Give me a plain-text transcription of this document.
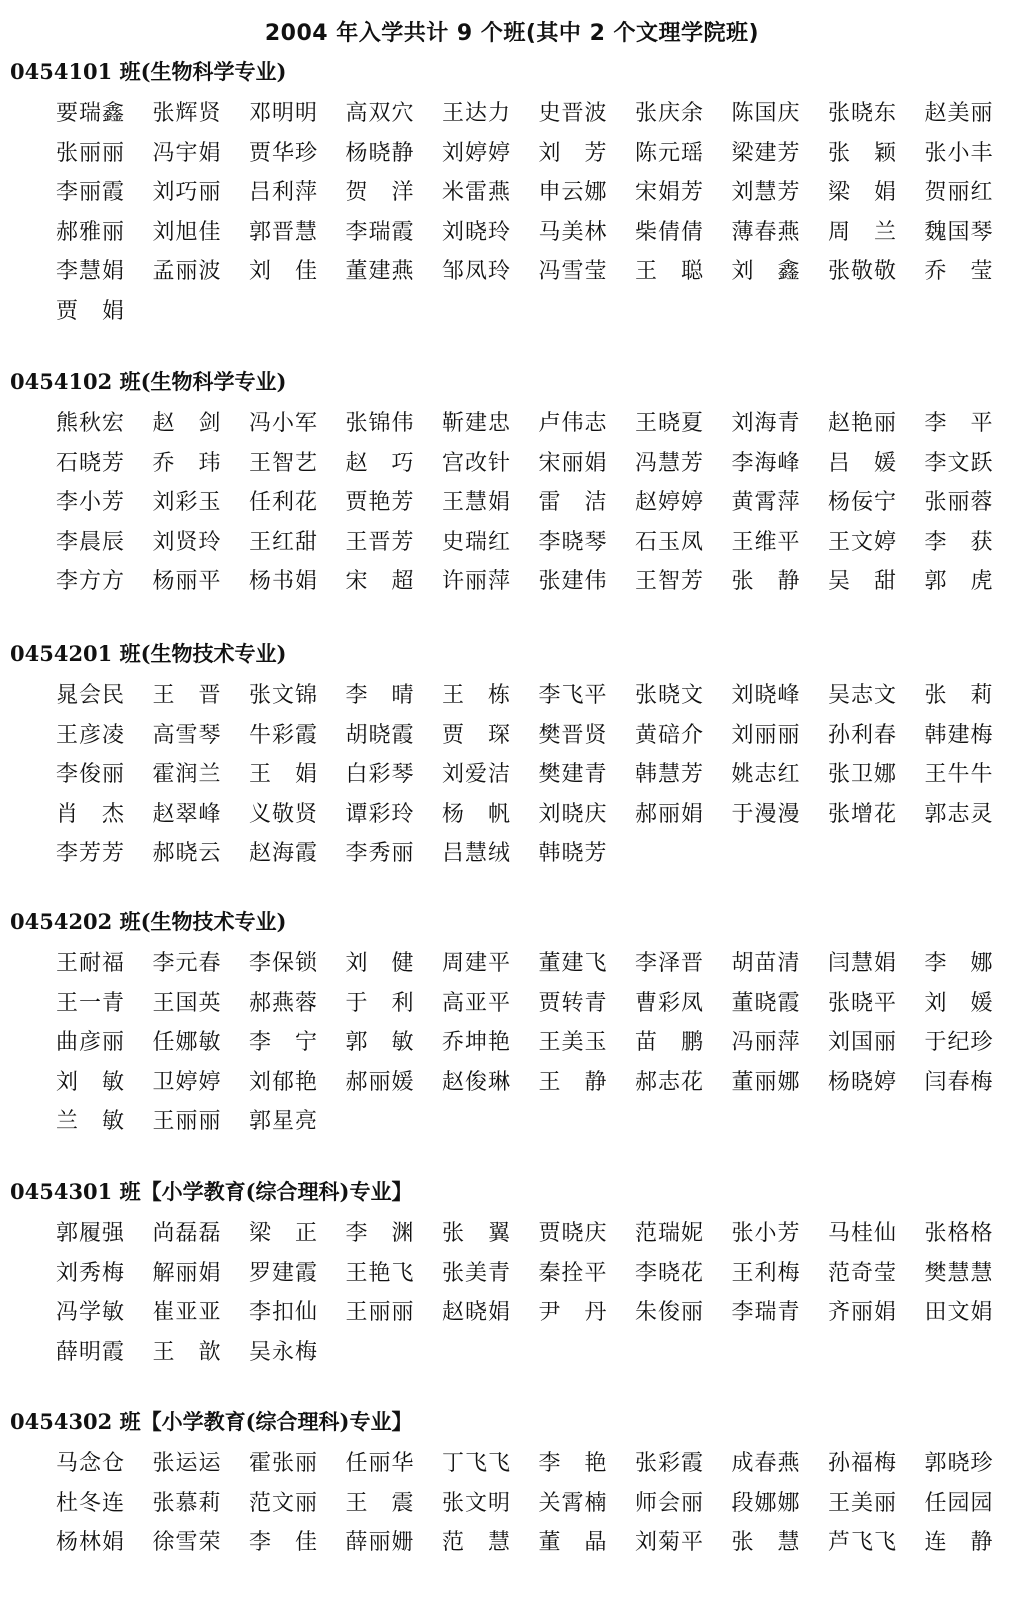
2004 年入学共计 9 个班(其中 2 个文理学院班)
0454101 班(生物科学专业)
要瑞鑫	张辉贤	邓明明	高双穴	王达力	史晋波	张庆余	陈国庆	张晓东	赵美丽
张丽丽	冯宇娟	贾华珍	杨晓静	刘婷婷	刘　芳	陈元瑶	梁建芳	张　颖	张小丰
李丽霞	刘巧丽	吕利萍	贺　洋	米雷燕	申云娜	宋娟芳	刘慧芳	梁　娟	贺丽红
郝雅丽	刘旭佳	郭晋慧	李瑞霞	刘晓玲	马美林	柴倩倩	薄春燕	周　兰	魏国琴
李慧娟	孟丽波	刘　佳	董建燕	邹凤玲	冯雪莹	王　聪	刘　鑫	张敬敬	乔　莹
贾　娟
0454102 班(生物科学专业)
熊秋宏	赵　剑	冯小军	张锦伟	靳建忠	卢伟志	王晓夏	刘海青	赵艳丽	李　平
石晓芳	乔　玮	王智艺	赵　巧	宫改针	宋丽娟	冯慧芳	李海峰	吕　媛	李文跃
李小芳	刘彩玉	任利花	贾艳芳	王慧娟	雷　洁	赵婷婷	黄霄萍	杨佞宁	张丽蓉
李晨辰	刘贤玲	王红甜	王晋芳	史瑞红	李晓琴	石玉凤	王维平	王文婷	李　获
李方方	杨丽平	杨书娟	宋　超	许丽萍	张建伟	王智芳	张　静	吴　甜	郭　虎
0454201 班(生物技术专业)
晁会民	王　晋	张文锦	李　晴	王　栋	李飞平	张晓文	刘晓峰	吴志文	张　莉
王彦凌	高雪琴	牛彩霞	胡晓霞	贾　琛	樊晋贤	黄碚介	刘丽丽	孙利春	韩建梅
李俊丽	霍润兰	王　娟	白彩琴	刘爱洁	樊建青	韩慧芳	姚志红	张卫娜	王牛牛
肖　杰	赵翠峰	义敬贤	谭彩玲	杨　帆	刘晓庆	郝丽娟	于漫漫	张增花	郭志灵
李芳芳	郝晓云	赵海霞	李秀丽	吕慧绒	韩晓芳
0454202 班(生物技术专业)
王耐福	李元春	李保锁	刘　健	周建平	董建飞	李泽晋	胡苗清	闫慧娟	李　娜
王一青	王国英	郝燕蓉	于　利	高亚平	贾转青	曹彩凤	董晓霞	张晓平	刘　媛
曲彦丽	任娜敏	李　宁	郭　敏	乔坤艳	王美玉	苗　鹏	冯丽萍	刘国丽	于纪珍
刘　敏	卫婷婷	刘郁艳	郝丽媛	赵俊琳	王　静	郝志花	董丽娜	杨晓婷	闫春梅
兰　敏	王丽丽	郭星亮
0454301 班【小学教育(综合理科)专业】
郭履强	尚磊磊	梁　正	李　渊	张　翼	贾晓庆	范瑞妮	张小芳	马桂仙	张格格
刘秀梅	解丽娟	罗建霞	王艳飞	张美青	秦拴平	李晓花	王利梅	范奇莹	樊慧慧
冯学敏	崔亚亚	李扣仙	王丽丽	赵晓娟	尹　丹	朱俊丽	李瑞青	齐丽娟	田文娟
薛明霞	王　歆	吴永梅
0454302 班【小学教育(综合理科)专业】
马念仓	张运运	霍张丽	任丽华	丁飞飞	李　艳	张彩霞	成春燕	孙福梅	郭晓珍
杜冬连	张慕莉	范文丽	王　震	张文明	关霄楠	师会丽	段娜娜	王美丽	任园园
杨林娟	徐雪荣	李　佳	薛丽姗	范　慧	董　晶	刘菊平	张　慧	芦飞飞	连　静
